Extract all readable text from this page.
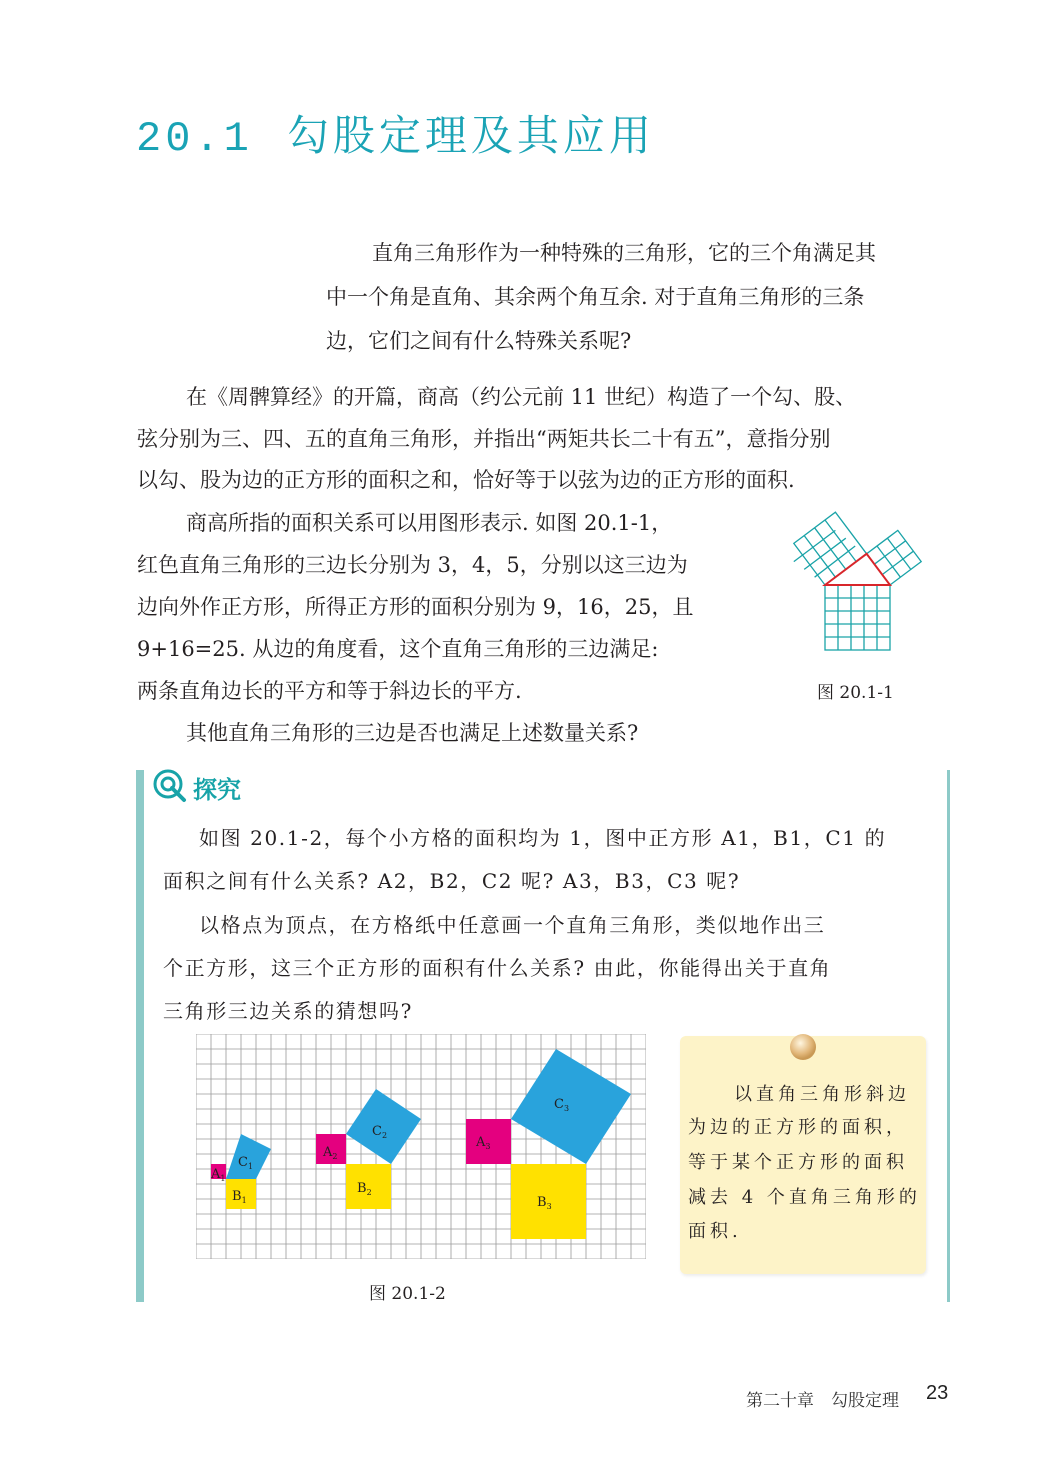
20.1 勾股定理及其应用
直角三角形作为一种特殊的三角形，它的三个角满足其
中一个角是直角、其余两个角互余. 对于直角三角形的三条
边，它们之间有什么特殊关系呢?
在《周髀算经》的开篇，商高（约公元前 11 世纪）构造了一个勾、股、
弦分别为三、四、五的直角三角形，并指出“两矩共长二十有五”，意指分别
以勾、股为边的正方形的面积之和，恰好等于以弦为边的正方形的面积.
商高所指的面积关系可以用图形表示. 如图 20.1-1，
红色直角三角形的三边长分别为 3，4，5，分别以这三边为
边向外作正方形，所得正方形的面积分别为 9，16，25，且
9+16=25. 从边的角度看，这个直角三角形的三边满足:
两条直角边长的平方和等于斜边长的平方.
其他直角三角形的三边是否也满足上述数量关系?
图 20.1-1
探究
如图 20.1-2，每个小方格的面积均为 1，图中正方形 A1，B1，C1 的
面积之间有什么关系? A2，B2，C2 呢? A3，B3，C3 呢?
以格点为顶点，在方格纸中任意画一个直角三角形，类似地作出三
个正方形，这三个正方形的面积有什么关系? 由此，你能得出关于直角
三角形三边关系的猜想吗?
$A_1$
$B_1$
$C_1$
$A_2$
$B_2$
$C_2$	$A_3$
$B_3$
$C_3$
图 20.1-2
以直角三角形斜边
为边的正方形的面积，
等于某个正方形的面积
减去 4 个直角三角形的
面积.
第二十章　勾股定理 23
